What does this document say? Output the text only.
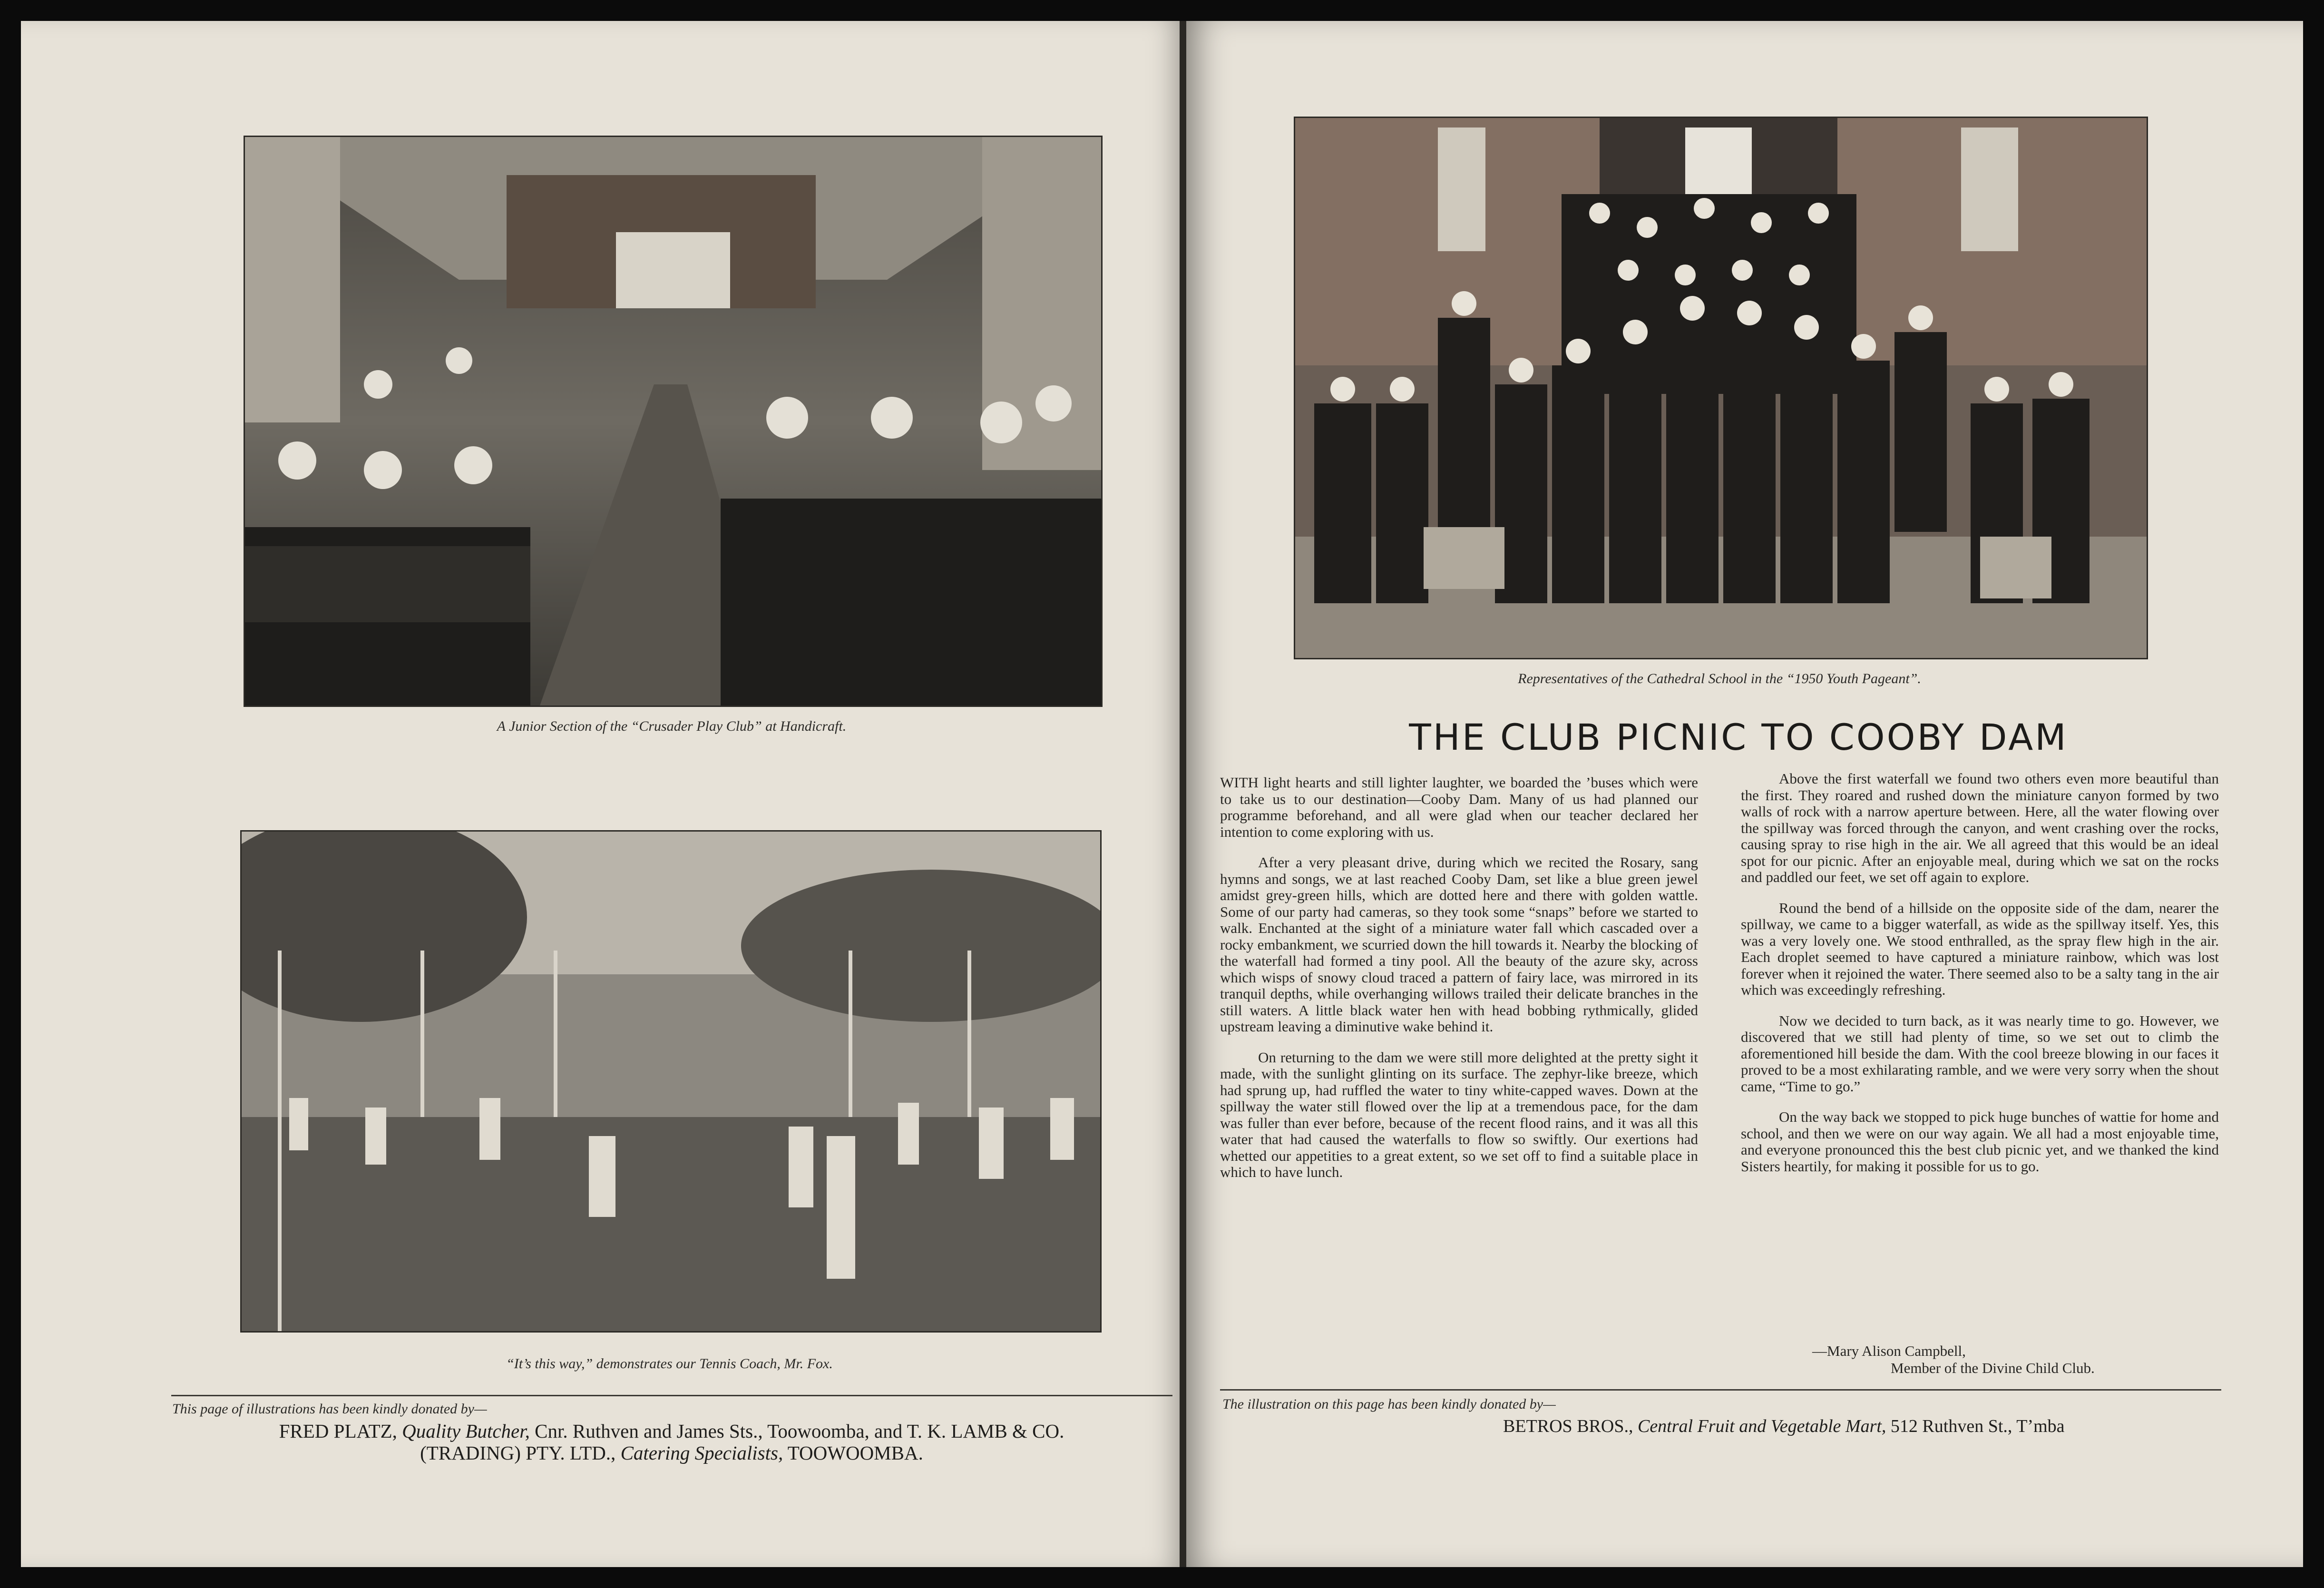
A Junior Section of the “Crusader Play Club” at Handicraft.
“It’s this way,” demonstrates our Tennis Coach, Mr. Fox.
This page of illustrations has been kindly donated by—
FRED PLATZ, Quality Butcher, Cnr. Ruthven and James Sts., Toowoomba, and T. K. LAMB & CO.
(TRADING) PTY. LTD., Catering Specialists, TOOWOOMBA.
Representatives of the Cathedral School in the “1950 Youth Pageant”.
THE CLUB PICNIC TO COOBY DAM

WITH light hearts and still lighter laughter, we boarded the ’buses which were to take us to our destination—Cooby Dam. Many of us had planned our programme beforehand, and all were glad when our teacher declared her intention to come exploring with us.

After a very pleasant drive, during which we recited the Rosary, sang hymns and songs, we at last reached Cooby Dam, set like a blue green jewel amidst grey-green hills, which are dotted here and there with golden wattle. Some of our party had cameras, so they took some “snaps” before we started to walk. Enchanted at the sight of a miniature water fall which cascaded over a rocky embankment, we scurried down the hill towards it. Nearby the blocking of the waterfall had formed a tiny pool. All the beauty of the azure sky, across which wisps of snowy cloud traced a pattern of fairy lace, was mirrored in its tranquil depths, while overhanging willows trailed their delicate branches in the still waters. A little black water hen with head bobbing rythmically, glided upstream leaving a diminutive wake behind it.

On returning to the dam we were still more delighted at the pretty sight it made, with the sunlight glinting on its surface. The zephyr-like breeze, which had sprung up, had ruffled the water to tiny white-capped waves. Down at the spillway the water still flowed over the lip at a tremendous pace, for the dam was fuller than ever before, because of the recent flood rains, and it was all this water that had caused the waterfalls to flow so swiftly. Our exertions had whetted our appetities to a great extent, so we set off to find a suitable place in which to have lunch.

Above the first waterfall we found two others even more beautiful than the first. They roared and rushed down the miniature canyon formed by two walls of rock with a narrow aperture between. Here, all the water flowing over the spillway was forced through the canyon, and went crashing over the rocks, causing spray to rise high in the air. We all agreed that this would be an ideal spot for our picnic. After an enjoyable meal, during which we sat on the rocks and paddled our feet, we set off again to explore.

Round the bend of a hillside on the opposite side of the dam, nearer the spillway, we came to a bigger waterfall, as wide as the spillway itself. Yes, this was a very lovely one. We stood enthralled, as the spray flew high in the air. Each droplet seemed to have captured a miniature rainbow, which was lost forever when it rejoined the water. There seemed also to be a salty tang in the air which was exceedingly refreshing.

Now we decided to turn back, as it was nearly time to go. However, we discovered that we still had plenty of time, so we set out to climb the aforementioned hill beside the dam. With the cool breeze blowing in our faces it proved to be a most exhilarating ramble, and we were very sorry when the shout came, “Time to go.”

On the way back we stopped to pick huge bunches of wattie for home and school, and then we were on our way again. We all had a most enjoyable time, and everyone pronounced this the best club picnic yet, and we thanked the kind Sisters heartily, for making it possible for us to go.

—Mary Alison Campbell,
Member of the Divine Child Club.
The illustration on this page has been kindly donated by—
BETROS BROS., Central Fruit and Vegetable Mart, 512 Ruthven St., T’mba
